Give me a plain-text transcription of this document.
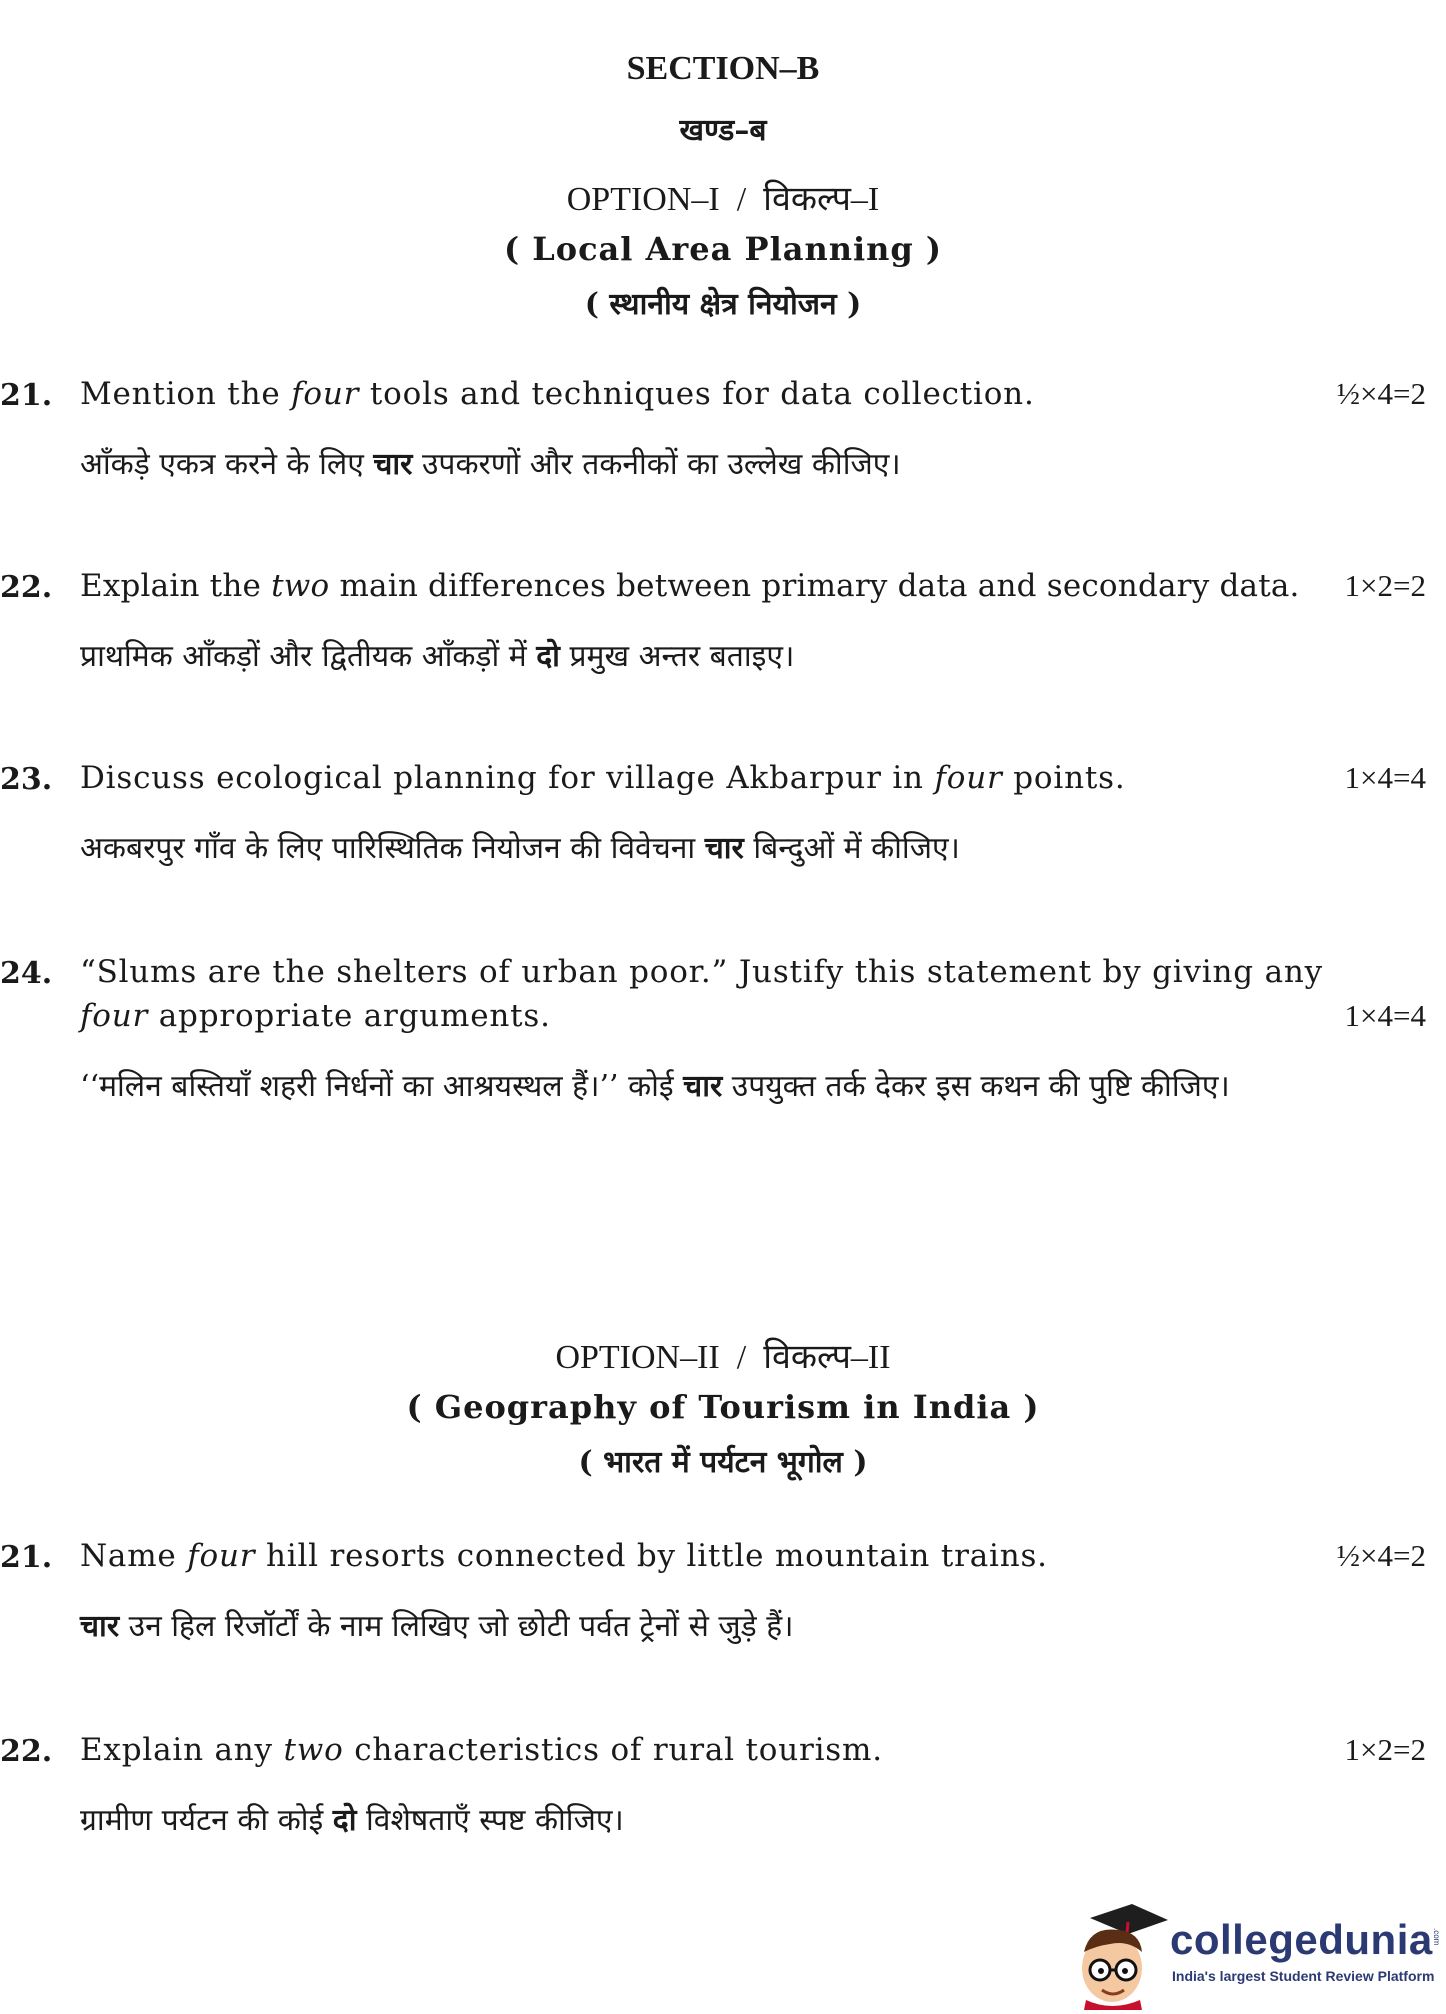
SECTION–B
खण्ड–ब
OPTION–I  /  विकल्प–I
( Local Area Planning )
( स्थानीय क्षेत्र नियोजन )
21. Mention the four tools and techniques for data collection.	½×4=2
आँकड़े एकत्र करने के लिए चार उपकरणों और तकनीकों का उल्लेख कीजिए।
22. Explain the two main differences between primary data and secondary data.	1×2=2
प्राथमिक आँकड़ों और द्वितीयक आँकड़ों में दो प्रमुख अन्तर बताइए।
23. Discuss ecological planning for village Akbarpur in four points.	1×4=4
अकबरपुर गाँव के लिए पारिस्थितिक नियोजन की विवेचना चार बिन्दुओं में कीजिए।
24. “Slums are the shelters of urban poor.” Justify this statement by giving any four appropriate arguments.	1×4=4
‘‘मलिन बस्तियाँ शहरी निर्धनों का आश्रयस्थल हैं।’’ कोई चार उपयुक्त तर्क देकर इस कथन की पुष्टि कीजिए।
OPTION–II  /  विकल्प–II
( Geography of Tourism in India )
( भारत में पर्यटन भूगोल )
21. Name four hill resorts connected by little mountain trains.	½×4=2
चार उन हिल रिजॉर्टों के नाम लिखिए जो छोटी पर्वत ट्रेनों से जुड़े हैं।
22. Explain any two characteristics of rural tourism.	1×2=2
ग्रामीण पर्यटन की कोई दो विशेषताएँ स्पष्ट कीजिए।
collegedunia .com
India's largest Student Review Platform
